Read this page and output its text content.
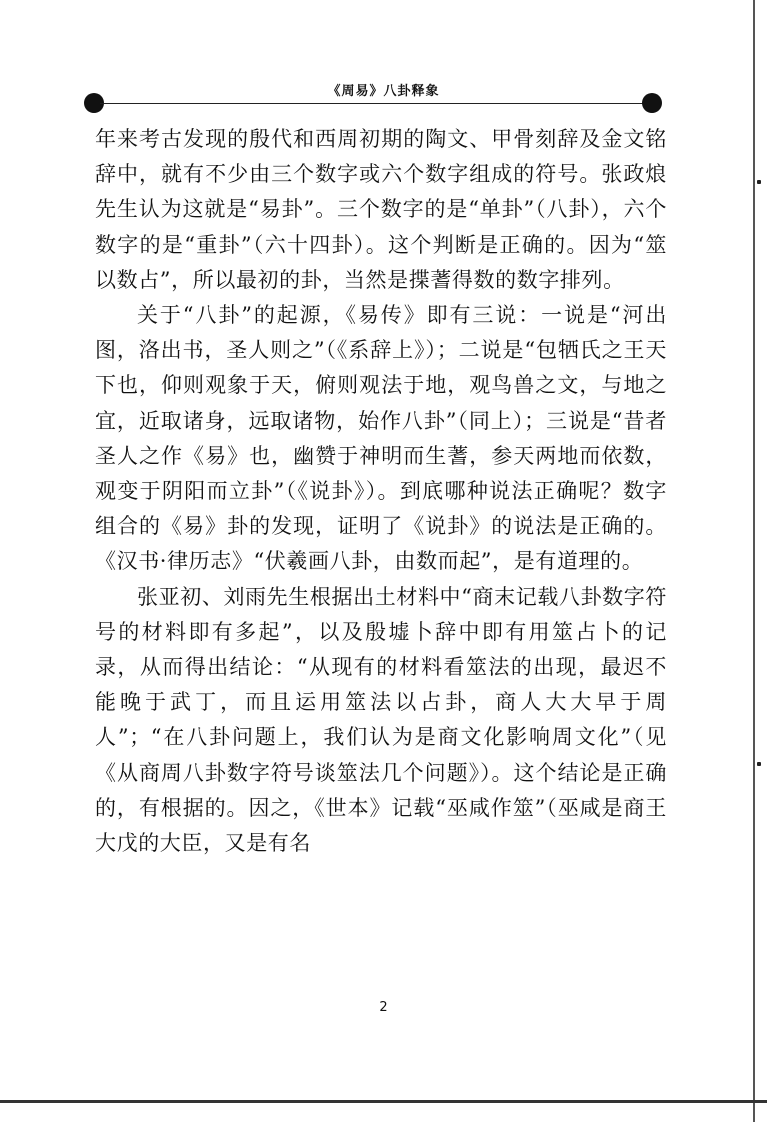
《周易》八卦释象

年来考古发现的殷代和西周初期的陶文、甲骨刻辞及金文铭辞中，就有不少由三个数字或六个数字组成的符号。张政烺先生认为这就是“易卦”。三个数字的是“单卦”（八卦），六个数字的是“重卦”（六十四卦）。这个判断是正确的。因为“筮以数占”，所以最初的卦，当然是揲蓍得数的数字排列。

关于“八卦”的起源，《易传》即有三说：一说是“河出图，洛出书，圣人则之”（《系辞上》）；二说是“包牺氏之王天下也，仰则观象于天，俯则观法于地，观鸟兽之文，与地之宜，近取诸身，远取诸物，始作八卦”（同上）；三说是“昔者圣人之作《易》也，幽赞于神明而生蓍，参天两地而依数，观变于阴阳而立卦”（《说卦》）。到底哪种说法正确呢？数字组合的《易》卦的发现，证明了《说卦》的说法是正确的。《汉书·律历志》“伏羲画八卦，由数而起”，是有道理的。

张亚初、刘雨先生根据出土材料中“商末记载八卦数字符号的材料即有多起”，以及殷墟卜辞中即有用筮占卜的记录，从而得出结论：“从现有的材料看筮法的出现，最迟不能晚于武丁，而且运用筮法以占卦，商人大大早于周人”；“在八卦问题上，我们认为是商文化影响周文化”（见《从商周八卦数字符号谈筮法几个问题》）。这个结论是正确的，有根据的。因之，《世本》记载“巫咸作筮”（巫咸是商王大戊的大臣，又是有名

2
